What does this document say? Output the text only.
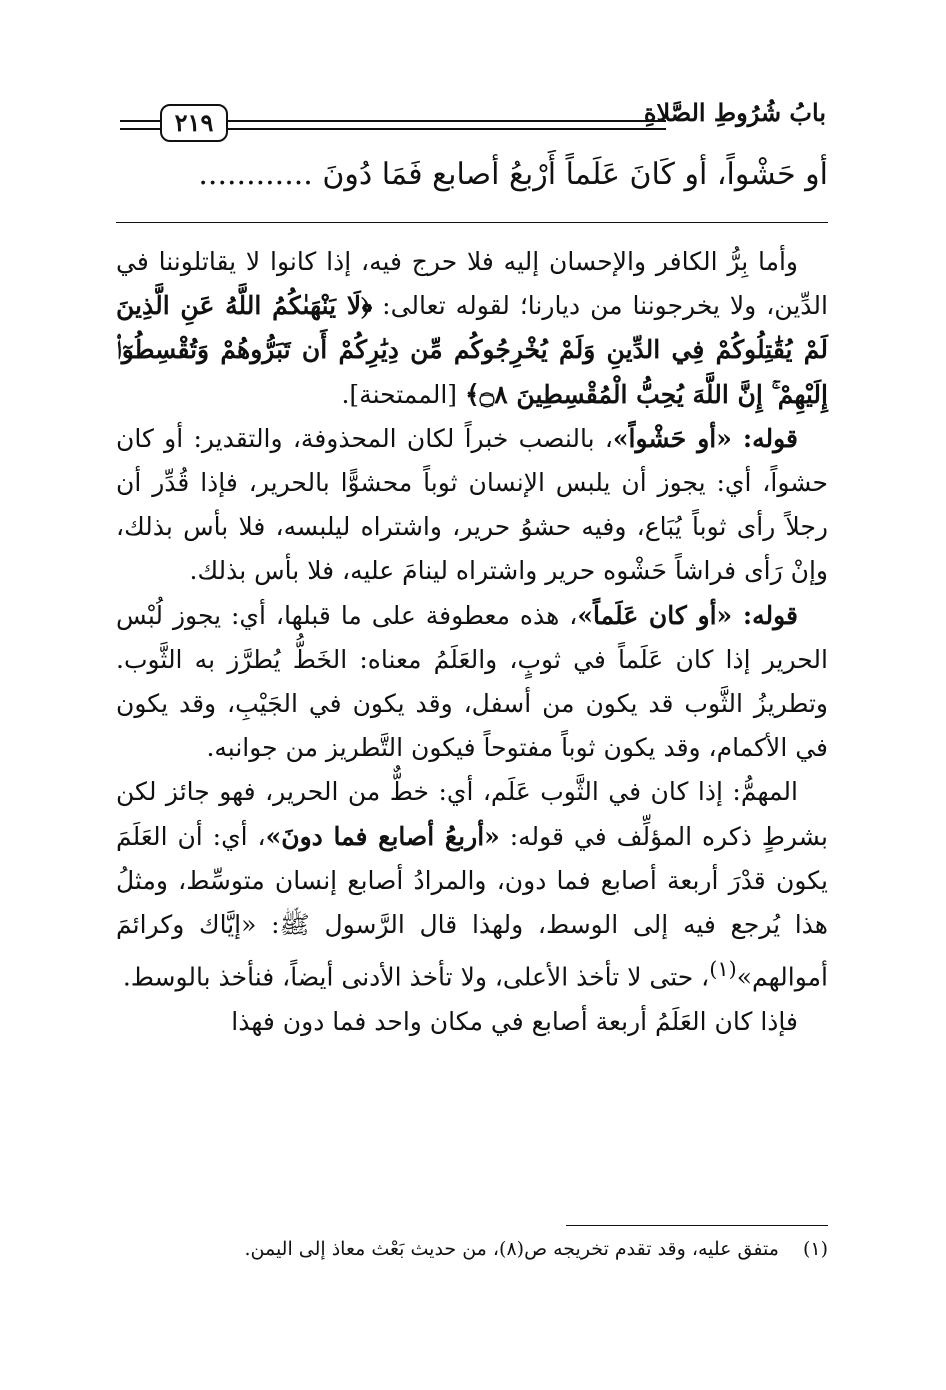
بابُ شُرُوطِ الصَّلاةِ
٢١٩
أو حَشْواً، أو كَانَ عَلَماً أَرْبعُ أصابع فَمَا دُونَ ............

وأما بِرُّ الكافر والإحسان إليه فلا حرج فيه، إذا كانوا لا يقاتلوننا في الدِّين، ولا يخرجوننا من ديارنا؛ لقوله تعالى: ﴿لَا يَنْهَىٰكُمُ اللَّهُ عَنِ الَّذِينَ لَمْ يُقَٰتِلُوكُمْ فِي الدِّينِ وَلَمْ يُخْرِجُوكُم مِّن دِيَٰرِكُمْ أَن تَبَرُّوهُمْ وَتُقْسِطُوٓا۟ إِلَيْهِمْ ۚ إِنَّ اللَّهَ يُحِبُّ الْمُقْسِطِينَ ۝٨﴾ [الممتحنة].

قوله: «أو حَشْواً»، بالنصب خبراً لكان المحذوفة، والتقدير: أو كان حشواً، أي: يجوز أن يلبس الإنسان ثوباً محشوًّا بالحرير، فإذا قُدِّر أن رجلاً رأى ثوباً يُبَاع، وفيه حشوُ حرير، واشتراه ليلبسه، فلا بأس بذلك، وإنْ رَأى فراشاً حَشْوه حرير واشتراه لينامَ عليه، فلا بأس بذلك.

قوله: «أو كان عَلَماً»، هذه معطوفة على ما قبلها، أي: يجوز لُبْس الحرير إذا كان عَلَماً في ثوبٍ، والعَلَمُ معناه: الخَطُّ يُطرَّز به الثَّوب. وتطريزُ الثَّوب قد يكون من أسفل، وقد يكون في الجَيْبِ، وقد يكون في الأكمام، وقد يكون ثوباً مفتوحاً فيكون التَّطريز من جوانبه.

المهمُّ: إذا كان في الثَّوب عَلَم، أي: خطٌّ من الحرير، فهو جائز لكن بشرطٍ ذكره المؤلِّف في قوله: «أربعُ أصابع فما دونَ»، أي: أن العَلَمَ يكون قدْرَ أربعة أصابع فما دون، والمرادُ أصابع إنسان متوسِّط، ومثلُ هذا يُرجع فيه إلى الوسط، ولهذا قال الرَّسول ﷺ: «إيَّاك وكرائمَ أموالهم»$^{(١)}$، حتى لا تأخذ الأعلى، ولا تأخذ الأدنى أيضاً، فنأخذ بالوسط.

فإذا كان العَلَمُ أربعة أصابع في مكان واحد فما دون فهذا

(١)متفق عليه، وقد تقدم تخريجه ص(٨)، من حديث بَعْث معاذ إلى اليمن.
